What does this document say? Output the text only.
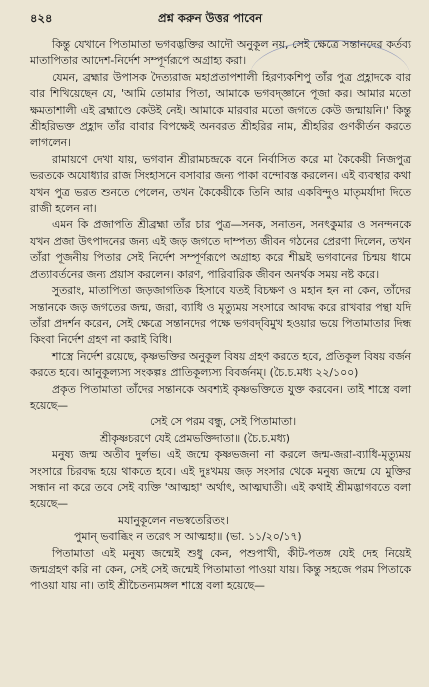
৪২৪	প্রশ্ন করুন উত্তর পাবেন

কিন্তু যেখানে পিতামাতা ভগবদ্ভক্তির আদৌ অনুকূল নয়, সেই ক্ষেত্রে সন্তানদের কর্তব্য মাতাপিতার আদেশ-নির্দেশ সম্পূর্ণরূপে অগ্রাহ্য করা।

যেমন, ব্রহ্মার উপাসক দৈত্যরাজ মহাপ্রতাপশালী হিরণ্যকশিপু তাঁর পুত্র প্রহ্লাদকে বার বার শিখিয়েছেন যে, 'আমি তোমার পিতা, আমাকে ভগবদ্জ্ঞানে পূজা কর। আমার মতো ক্ষমতাশালী এই ব্রহ্মাণ্ডে কেউই নেই। আমাকে মারবার মতো জগতে কেউ জন্মায়নি।' কিন্তু শ্রীহরিভক্ত প্রহ্লাদ তাঁর বাবার বিপক্ষেই অনবরত শ্রীহরির নাম, শ্রীহরির গুণকীর্তন করতে লাগলেন।

রামায়ণে দেখা যায়, ভগবান শ্রীরামচন্দ্রকে বনে নির্বাসিত করে মা কৈকেয়ী নিজপুত্র ভরতকে অযোধ্যার রাজ সিংহাসনে বসাবার জন্য পাকা বন্দোবস্ত করলেন। এই ব্যবস্থার কথা যখন পুত্র ভরত শুনতে পেলেন, তখন কৈকেয়ীকে তিনি আর একবিন্দুও মাতৃমর্যাদা দিতে রাজী হলেন না।

এমন কি প্রজাপতি শ্রীব্রহ্মা তাঁর চার পুত্র—সনক, সনাতন, সনৎকুমার ও সনন্দনকে যখন প্রজা উৎপাদনের জন্য এই জড় জগতে দাম্পত্য জীবন গঠনের প্রেরণা দিলেন, তখন তাঁরা পূজনীয় পিতার সেই নির্দেশ সম্পূর্ণরূপে অগ্রাহ্য করে শীঘ্রই ভগবানের চিন্ময় ধামে প্রত্যাবর্তনের জন্য প্রয়াস করলেন। কারণ, পারিবারিক জীবন অনর্থক সময় নষ্ট করে।

সুতরাং, মাতাপিতা জড়জাগতিক হিসাবে যতই বিচক্ষণ ও মহান হন না কেন, তাঁদের সন্তানকে জড় জগতের জন্ম, জরা, ব্যাধি ও মৃত্যুময় সংসারে আবদ্ধ করে রাখবার পন্থা যদি তাঁরা প্রদর্শন করেন, সেই ক্ষেত্রে সন্তানদের পক্ষে ভগবদ্‌বিমুখ হওয়ার ভয়ে পিতামাতার দিন্ধ কিংবা নির্দেশ গ্রহণ না করাই বিধি।

শাস্ত্রে নির্দেশ রয়েছে, কৃষ্ণভক্তির অনুকূল বিষয় গ্রহণ করতে হবে, প্রতিকূল বিষয় বর্জন করতে হবে। আনুকূল্যস্য সংকল্পঃ প্রাতিকূল্যস্য বিবর্জনম্। (চৈ.চ.মধ্য ২২/১০০)

প্রকৃত পিতামাতা তাঁদের সন্তানকে অবশ্যই কৃষ্ণভক্তিতে যুক্ত করবেন। তাই শাস্ত্রে বলা হয়েছে—

সেই সে পরম বন্ধু, সেই পিতামাতা।
শ্রীকৃষ্ণচরণে যেই প্রেমভক্তিদাতা॥ (চৈ.চ.মধ্য)

মনুষ্য জন্ম অতীব দুর্লভ। এই জন্মে কৃষ্ণভজনা না করলে জন্ম-জরা-ব্যাধি-মৃত্যুময় সংসারে চিরবদ্ধ হয়ে থাকতে হবে। এই দুঃখময় জড় সংসার থেকে মনুষ্য জন্মে যে মুক্তির সন্ধান না করে তবে সেই ব্যক্তি 'আত্মহা' অর্থাৎ, আত্মঘাতী। এই কথাই শ্রীমদ্ভাগবতে বলা হয়েছে—

মযানুকূলেন নভস্বতেরিতং।
পুমান্ ভবাব্ধিং ন তরেৎ স আত্মহা॥ (ভা. ১১/২০/১৭)

পিতামাতা এই মনুষ্য জন্মেই শুধু কেন, পশুপাখী, কীট-পতঙ্গ যেই দেহ নিয়েই জন্মগ্রহণ করি না কেন, সেই সেই জন্মেই পিতামাতা পাওয়া যায়। কিন্তু সহজে পরম পিতাকে পাওয়া যায় না। তাই শ্রীচৈতন্যমঙ্গল শাস্ত্রে বলা হয়েছে—
